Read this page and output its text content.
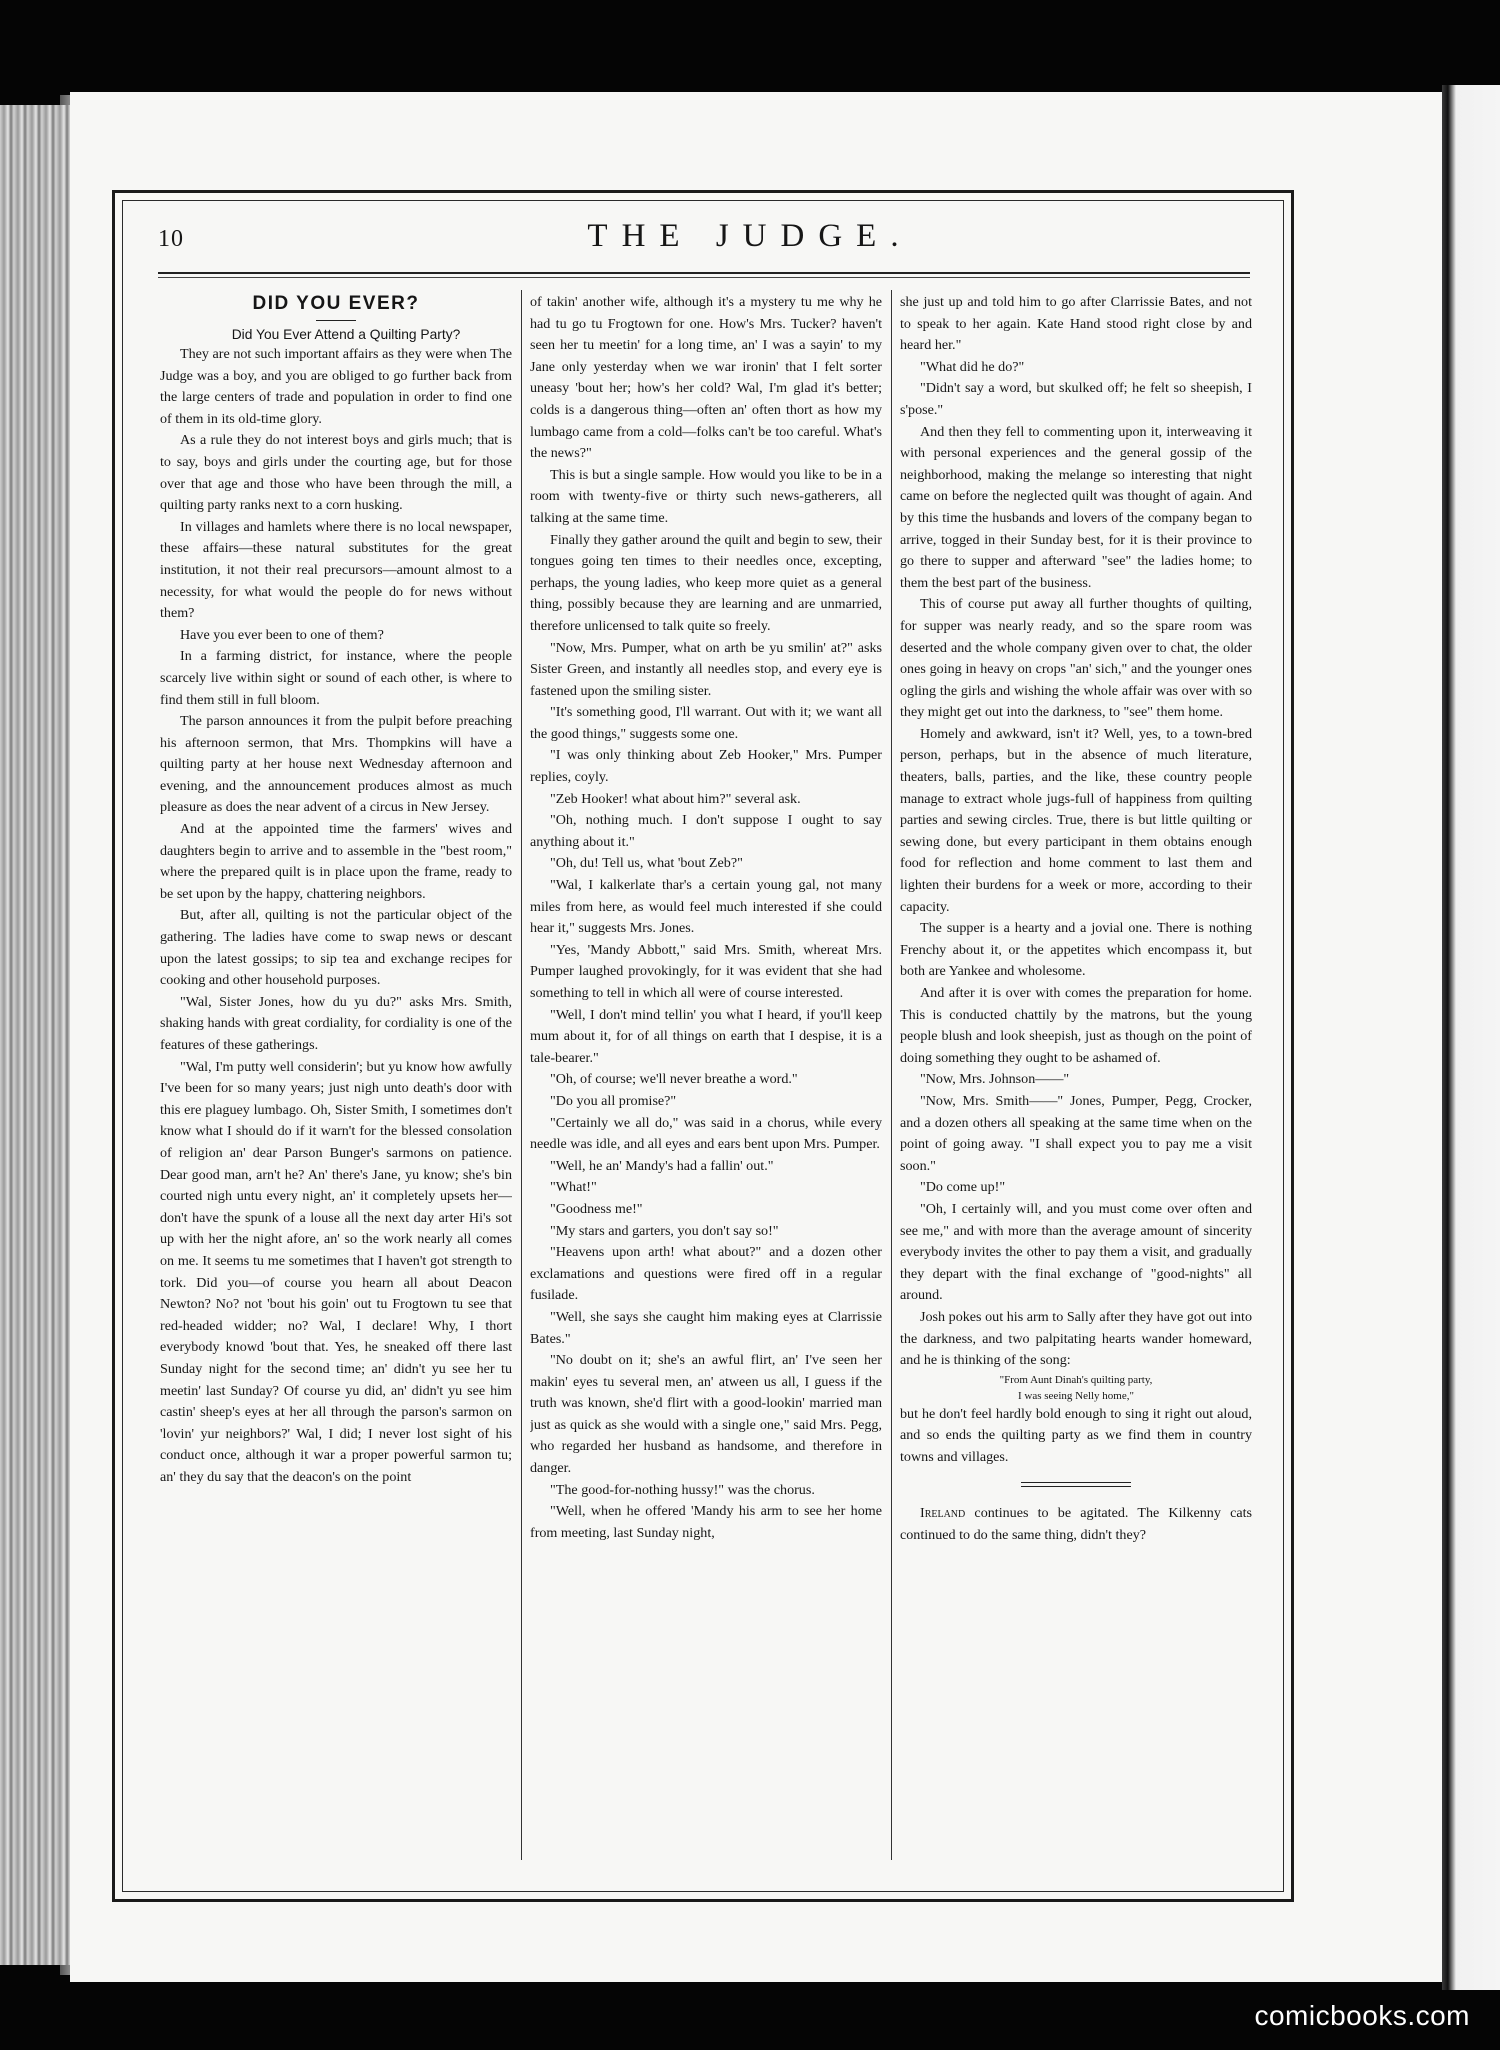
10	THE JUDGE.
DID YOU EVER?

Did You Ever Attend a Quilting Party?

They are not such important affairs as they were when The Judge was a boy, and you are obliged to go further back from the large centers of trade and population in order to find one of them in its old-time glory.

As a rule they do not interest boys and girls much; that is to say, boys and girls under the courting age, but for those over that age and those who have been through the mill, a quilting party ranks next to a corn husking.

In villages and hamlets where there is no local newspaper, these affairs—these natural substitutes for the great institution, it not their real precursors—amount almost to a necessity, for what would the people do for news without them?

Have you ever been to one of them?

In a farming district, for instance, where the people scarcely live within sight or sound of each other, is where to find them still in full bloom.

The parson announces it from the pulpit before preaching his afternoon sermon, that Mrs. Thompkins will have a quilting party at her house next Wednesday afternoon and evening, and the announcement produces almost as much pleasure as does the near advent of a circus in New Jersey.

And at the appointed time the farmers' wives and daughters begin to arrive and to assemble in the "best room," where the prepared quilt is in place upon the frame, ready to be set upon by the happy, chattering neighbors.

But, after all, quilting is not the particular object of the gathering. The ladies have come to swap news or descant upon the latest gossips; to sip tea and exchange recipes for cooking and other household purposes.

"Wal, Sister Jones, how du yu du?" asks Mrs. Smith, shaking hands with great cordiality, for cordiality is one of the features of these gatherings.

"Wal, I'm putty well considerin'; but yu know how awfully I've been for so many years; just nigh unto death's door with this ere plaguey lumbago. Oh, Sister Smith, I sometimes don't know what I should do if it warn't for the blessed consolation of religion an' dear Parson Bunger's sarmons on patience. Dear good man, arn't he? An' there's Jane, yu know; she's bin courted nigh untu every night, an' it completely upsets her—don't have the spunk of a louse all the next day arter Hi's sot up with her the night afore, an' so the work nearly all comes on me. It seems tu me sometimes that I haven't got strength to tork. Did you—of course you hearn all about Deacon Newton? No? not 'bout his goin' out tu Frogtown tu see that red-headed widder; no? Wal, I declare! Why, I thort everybody knowd 'bout that. Yes, he sneaked off there last Sunday night for the second time; an' didn't yu see her tu meetin' last Sunday? Of course yu did, an' didn't yu see him castin' sheep's eyes at her all through the parson's sarmon on 'lovin' yur neighbors?' Wal, I did; I never lost sight of his conduct once, although it war a proper powerful sarmon tu; an' they du say that the deacon's on the point

of takin' another wife, although it's a mystery tu me why he had tu go tu Frogtown for one. How's Mrs. Tucker? haven't seen her tu meetin' for a long time, an' I was a sayin' to my Jane only yesterday when we war ironin' that I felt sorter uneasy 'bout her; how's her cold? Wal, I'm glad it's better; colds is a dangerous thing—often an' often thort as how my lumbago came from a cold—folks can't be too careful. What's the news?"

This is but a single sample. How would you like to be in a room with twenty-five or thirty such news-gatherers, all talking at the same time.

Finally they gather around the quilt and begin to sew, their tongues going ten times to their needles once, excepting, perhaps, the young ladies, who keep more quiet as a general thing, possibly because they are learning and are unmarried, therefore unlicensed to talk quite so freely.

"Now, Mrs. Pumper, what on arth be yu smilin' at?" asks Sister Green, and instantly all needles stop, and every eye is fastened upon the smiling sister.

"It's something good, I'll warrant. Out with it; we want all the good things," suggests some one.

"I was only thinking about Zeb Hooker," Mrs. Pumper replies, coyly.

"Zeb Hooker! what about him?" several ask.

"Oh, nothing much. I don't suppose I ought to say anything about it."

"Oh, du! Tell us, what 'bout Zeb?"

"Wal, I kalkerlate thar's a certain young gal, not many miles from here, as would feel much interested if she could hear it," suggests Mrs. Jones.

"Yes, 'Mandy Abbott," said Mrs. Smith, whereat Mrs. Pumper laughed provokingly, for it was evident that she had something to tell in which all were of course interested.

"Well, I don't mind tellin' you what I heard, if you'll keep mum about it, for of all things on earth that I despise, it is a tale-bearer."

"Oh, of course; we'll never breathe a word."

"Do you all promise?"

"Certainly we all do," was said in a chorus, while every needle was idle, and all eyes and ears bent upon Mrs. Pumper.

"Well, he an' Mandy's had a fallin' out."

"What!"

"Goodness me!"

"My stars and garters, you don't say so!"

"Heavens upon arth! what about?" and a dozen other exclamations and questions were fired off in a regular fusilade.

"Well, she says she caught him making eyes at Clarrissie Bates."

"No doubt on it; she's an awful flirt, an' I've seen her makin' eyes tu several men, an' atween us all, I guess if the truth was known, she'd flirt with a good-lookin' married man just as quick as she would with a single one," said Mrs. Pegg, who regarded her husband as handsome, and therefore in danger.

"The good-for-nothing hussy!" was the chorus.

"Well, when he offered 'Mandy his arm to see her home from meeting, last Sunday night,

she just up and told him to go after Clarrissie Bates, and not to speak to her again. Kate Hand stood right close by and heard her."

"What did he do?"

"Didn't say a word, but skulked off; he felt so sheepish, I s'pose."

And then they fell to commenting upon it, interweaving it with personal experiences and the general gossip of the neighborhood, making the melange so interesting that night came on before the neglected quilt was thought of again. And by this time the husbands and lovers of the company began to arrive, togged in their Sunday best, for it is their province to go there to supper and afterward "see" the ladies home; to them the best part of the business.

This of course put away all further thoughts of quilting, for supper was nearly ready, and so the spare room was deserted and the whole company given over to chat, the older ones going in heavy on crops "an' sich," and the younger ones ogling the girls and wishing the whole affair was over with so they might get out into the darkness, to "see" them home.

Homely and awkward, isn't it? Well, yes, to a town-bred person, perhaps, but in the absence of much literature, theaters, balls, parties, and the like, these country people manage to extract whole jugs-full of happiness from quilting parties and sewing circles. True, there is but little quilting or sewing done, but every participant in them obtains enough food for reflection and home comment to last them and lighten their burdens for a week or more, according to their capacity.

The supper is a hearty and a jovial one. There is nothing Frenchy about it, or the appetites which encompass it, but both are Yankee and wholesome.

And after it is over with comes the preparation for home. This is conducted chattily by the matrons, but the young people blush and look sheepish, just as though on the point of doing something they ought to be ashamed of.

"Now, Mrs. Johnson——"

"Now, Mrs. Smith——" Jones, Pumper, Pegg, Crocker, and a dozen others all speaking at the same time when on the point of going away. "I shall expect you to pay me a visit soon."

"Do come up!"

"Oh, I certainly will, and you must come over often and see me," and with more than the average amount of sincerity everybody invites the other to pay them a visit, and gradually they depart with the final exchange of "good-nights" all around.

Josh pokes out his arm to Sally after they have got out into the darkness, and two palpitating hearts wander homeward, and he is thinking of the song:

"From Aunt Dinah's quilting party,
I was seeing Nelly home,"

but he don't feel hardly bold enough to sing it right out aloud, and so ends the quilting party as we find them in country towns and villages.

Ireland continues to be agitated. The Kilkenny cats continued to do the same thing, didn't they?

comicbooks.com
